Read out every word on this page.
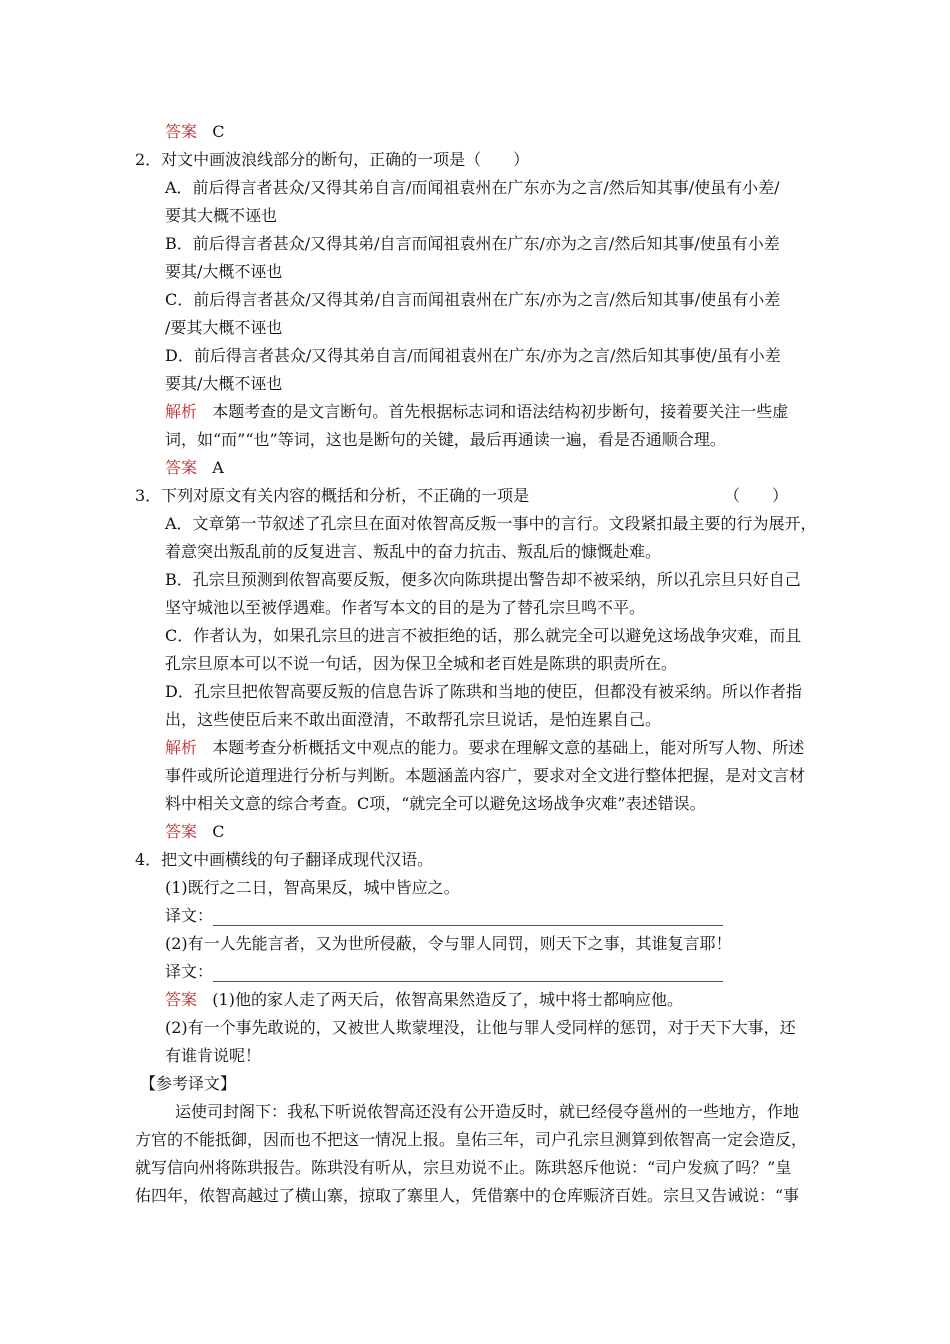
答案 C
2．对文中画波浪线部分的断句，正确的一项是（　　）
A．前后得言者甚众/又得其弟自言/而闻祖袁州在广东亦为之言/然后知其事/使虽有小差/
要其大概不诬也
B．前后得言者甚众/又得其弟/自言而闻祖袁州在广东/亦为之言/然后知其事/使虽有小差
要其/大概不诬也
C．前后得言者甚众/又得其弟/自言而闻祖袁州在广东/亦为之言/然后知其事/使虽有小差
/要其大概不诬也
D．前后得言者甚众/又得其弟自言/而闻祖袁州在广东/亦为之言/然后知其事使/虽有小差
要其/大概不诬也
解析 本题考查的是文言断句。首先根据标志词和语法结构初步断句，接着要关注一些虚
词，如“而”“也”等词，这也是断句的关键，最后再通读一遍，看是否通顺合理。
答案 A
3．下列对原文有关内容的概括和分析，不正确的一项是	（　　）
A．文章第一节叙述了孔宗旦在面对侬智高反叛一事中的言行。文段紧扣最主要的行为展开，
着意突出叛乱前的反复进言、叛乱中的奋力抗击、叛乱后的慷慨赴难。
B．孔宗旦预测到侬智高要反叛，便多次向陈珙提出警告却不被采纳，所以孔宗旦只好自己
坚守城池以至被俘遇难。作者写本文的目的是为了替孔宗旦鸣不平。
C．作者认为，如果孔宗旦的进言不被拒绝的话，那么就完全可以避免这场战争灾难，而且
孔宗旦原本可以不说一句话，因为保卫全城和老百姓是陈珙的职责所在。
D．孔宗旦把侬智高要反叛的信息告诉了陈珙和当地的使臣，但都没有被采纳。所以作者指
出，这些使臣后来不敢出面澄清，不敢帮孔宗旦说话，是怕连累自己。
解析 本题考查分析概括文中观点的能力。要求在理解文意的基础上，能对所写人物、所述
事件或所论道理进行分析与判断。本题涵盖内容广，要求对全文进行整体把握，是对文言材
料中相关文意的综合考查。C项，“就完全可以避免这场战争灾难”表述错误。
答案 C
4．把文中画横线的句子翻译成现代汉语。
(1)既行之二日，智高果反，城中皆应之。
译文：
(2)有一人先能言者，又为世所侵蔽，令与罪人同罚，则天下之事，其谁复言耶！
译文：
答案 (1)他的家人走了两天后，侬智高果然造反了，城中将士都响应他。
(2)有一个事先敢说的，又被世人欺蒙埋没，让他与罪人受同样的惩罚，对于天下大事，还
有谁肯说呢！
【参考译文】
运使司封阁下：我私下听说侬智高还没有公开造反时，就已经侵夺邕州的一些地方，作地
方官的不能抵御，因而也不把这一情况上报。皇佑三年，司户孔宗旦测算到侬智高一定会造反，
就写信向州将陈珙报告。陈珙没有听从，宗旦劝说不止。陈珙怒斥他说：“司户发疯了吗？”皇
佑四年，侬智高越过了横山寨，掠取了寨里人，凭借寨中的仓库赈济百姓。宗旦又告诫说：“事
